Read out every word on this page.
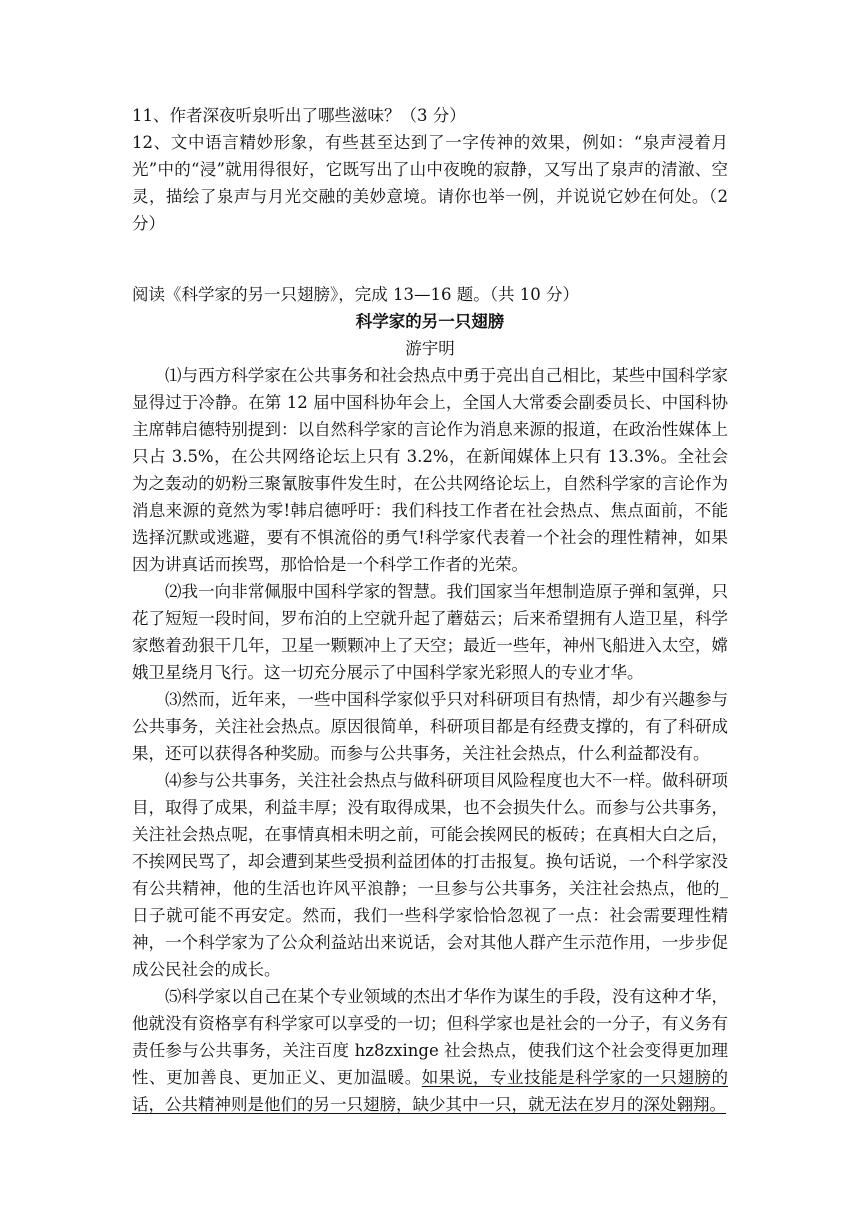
11、作者深夜听泉听出了哪些滋味？（3 分）

12、文中语言精妙形象，有些甚至达到了一字传神的效果，例如：“泉声浸着月光”中的“浸”就用得很好，它既写出了山中夜晚的寂静，又写出了泉声的清澈、空灵，描绘了泉声与月光交融的美妙意境。请你也举一例，并说说它妙在何处。（2 分）

阅读《科学家的另一只翅膀》，完成 13—16 题。（共 10 分）

科学家的另一只翅膀

游宇明

⑴与西方科学家在公共事务和社会热点中勇于亮出自己相比，某些中国科学家显得过于冷静。在第 12 届中国科协年会上，全国人大常委会副委员长、中国科协主席韩启德特别提到：以自然科学家的言论作为消息来源的报道，在政治性媒体上只占 3.5%，在公共网络论坛上只有 3.2%，在新闻媒体上只有 13.3%。全社会为之轰动的奶粉三聚氰胺事件发生时，在公共网络论坛上，自然科学家的言论作为消息来源的竟然为零!韩启德呼吁：我们科技工作者在社会热点、焦点面前，不能选择沉默或逃避，要有不惧流俗的勇气!科学家代表着一个社会的理性精神，如果因为讲真话而挨骂，那恰恰是一个科学工作者的光荣。

⑵我一向非常佩服中国科学家的智慧。我们国家当年想制造原子弹和氢弹，只花了短短一段时间，罗布泊的上空就升起了蘑菇云；后来希望拥有人造卫星，科学家憋着劲狠干几年，卫星一颗颗冲上了天空；最近一些年，神州飞船进入太空，嫦娥卫星绕月飞行。这一切充分展示了中国科学家光彩照人的专业才华。

⑶然而，近年来，一些中国科学家似乎只对科研项目有热情，却少有兴趣参与公共事务，关注社会热点。原因很简单，科研项目都是有经费支撑的，有了科研成果，还可以获得各种奖励。而参与公共事务，关注社会热点，什么利益都没有。

⑷参与公共事务，关注社会热点与做科研项目风险程度也大不一样。做科研项目，取得了成果，利益丰厚；没有取得成果，也不会损失什么。而参与公共事务，关注社会热点呢，在事情真相未明之前，可能会挨网民的板砖；在真相大白之后，不挨网民骂了，却会遭到某些受损利益团体的打击报复。换句话说，一个科学家没有公共精神，他的生活也许风平浪静；一旦参与公共事务，关注社会热点，他的_日子就可能不再安定。然而，我们一些科学家恰恰忽视了一点：社会需要理性精神，一个科学家为了公众利益站出来说话，会对其他人群产生示范作用，一步步促成公民社会的成长。

⑸科学家以自己在某个专业领域的杰出才华作为谋生的手段，没有这种才华，他就没有资格享有科学家可以享受的一切；但科学家也是社会的一分子，有义务有责任参与公共事务，关注百度 hz8zxinge 社会热点，使我们这个社会变得更加理性、更加善良、更加正义、更加温暖。如果说，专业技能是科学家的一只翅膀的话，公共精神则是他们的另一只翅膀，缺少其中一只，就无法在岁月的深处翱翔。
